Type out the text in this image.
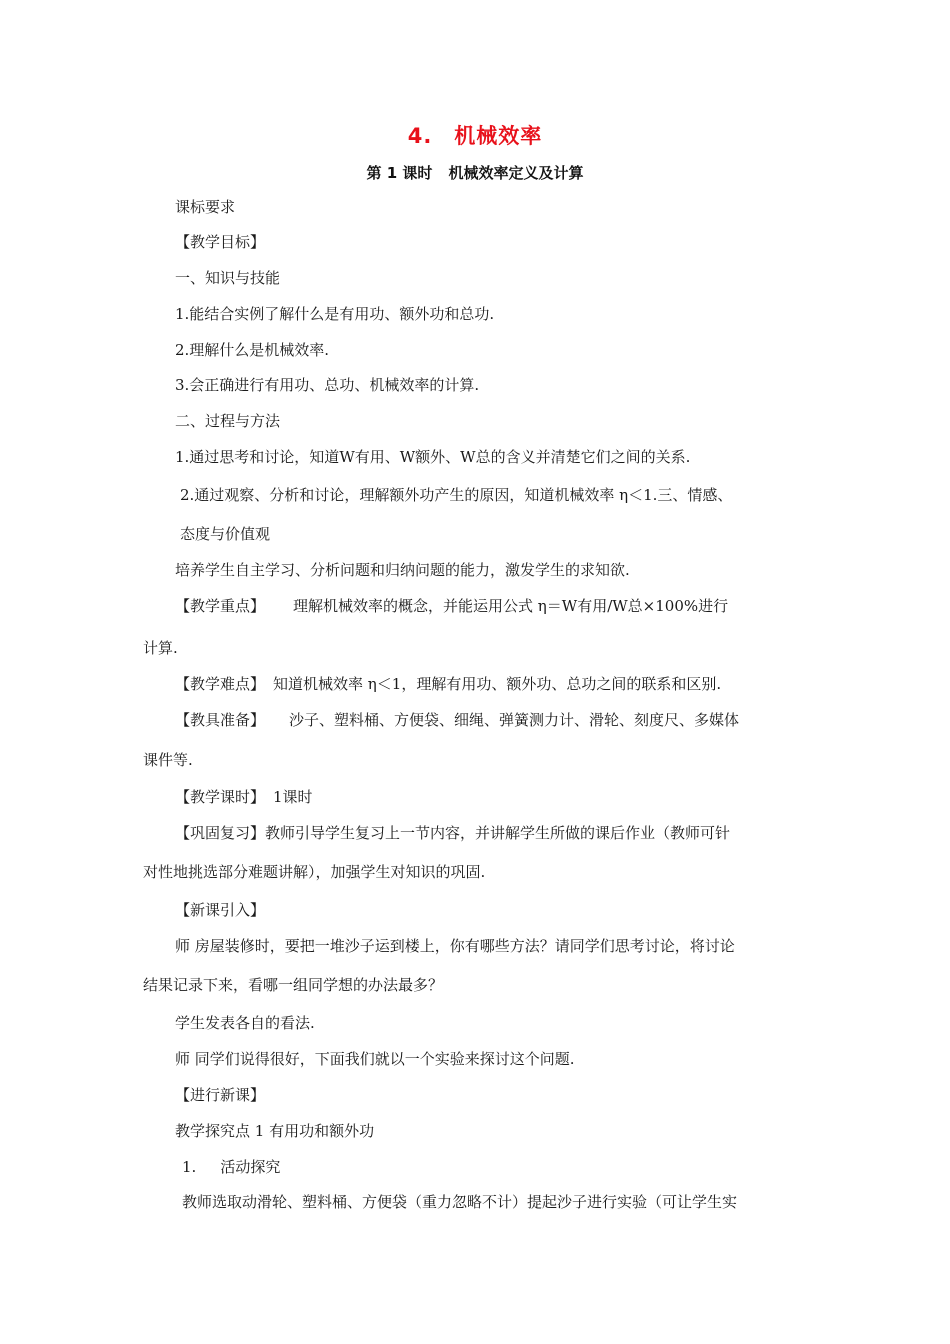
4. 机械效率
第 1 课时 机械效率定义及计算
课标要求
【教学目标】
一、知识与技能
1.能结合实例了解什么是有用功、额外功和总功.
2.理解什么是机械效率.
3.会正确进行有用功、总功、机械效率的计算.
二、过程与方法
1.通过思考和讨论，知道W有用、W额外、W总的含义并清楚它们之间的关系.
2.通过观察、分析和讨论，理解额外功产生的原因，知道机械效率 η＜1.三、情感、
态度与价值观
培养学生自主学习、分析问题和归纳问题的能力，激发学生的求知欲.
【教学重点】 理解机械效率的概念，并能运用公式 η＝W有用/W总×100%进行
计算.
【教学难点】 知道机械效率 η＜1，理解有用功、额外功、总功之间的联系和区别.
【教具准备】 沙子、塑料桶、方便袋、细绳、弹簧测力计、滑轮、刻度尺、多媒体
课件等.
【教学课时】 1课时
【巩固复习】教师引导学生复习上一节内容，并讲解学生所做的课后作业（教师可针
对性地挑选部分难题讲解），加强学生对知识的巩固.
【新课引入】
师 房屋装修时，要把一堆沙子运到楼上，你有哪些方法？请同学们思考讨论，将讨论
结果记录下来，看哪一组同学想的办法最多？
学生发表各自的看法.
师 同学们说得很好，下面我们就以一个实验来探讨这个问题.
【进行新课】
教学探究点 1 有用功和额外功
1. 活动探究
教师选取动滑轮、塑料桶、方便袋（重力忽略不计）提起沙子进行实验（可让学生实
